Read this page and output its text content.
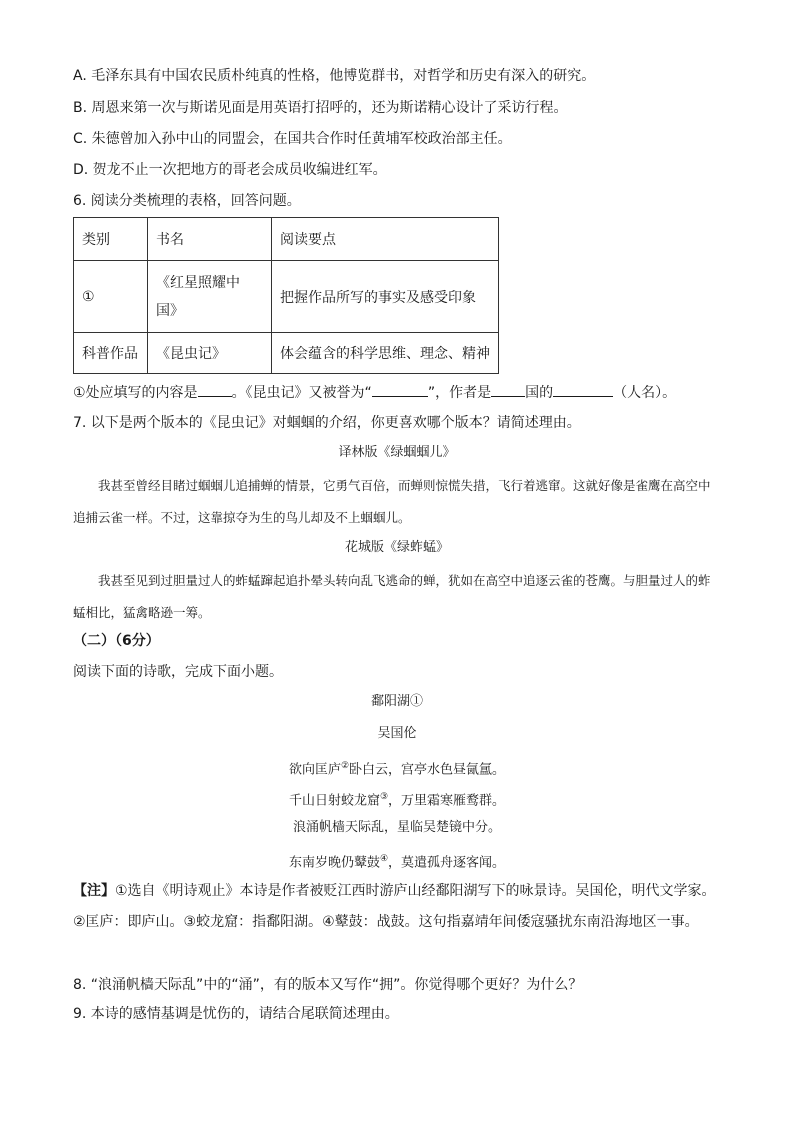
A. 毛泽东具有中国农民质朴纯真的性格，他博览群书，对哲学和历史有深入的研究。
B. 周恩来第一次与斯诺见面是用英语打招呼的，还为斯诺精心设计了采访行程。
C. 朱德曾加入孙中山的同盟会，在国共合作时任黄埔军校政治部主任。
D. 贺龙不止一次把地方的哥老会成员收编进红军。
6. 阅读分类梳理的表格，回答问题。
类别	书名	阅读要点
①	《红星照耀中国》	把握作品所写的事实及感受印象
科普作品	《昆虫记》	体会蕴含的科学思维、理念、精神
①处应填写的内容是 。《昆虫记》又被誉为“	”，作者是 国的	（人名）。
7. 以下是两个版本的《昆虫记》对蝈蝈的介绍，你更喜欢哪个版本？请简述理由。
译林版《绿蝈蝈儿》
我甚至曾经目睹过蝈蝈儿追捕蝉的情景，它勇气百倍，而蝉则惊慌失措，飞行着逃窜。这就好像是雀鹰在高空中追捕云雀一样。不过，这靠掠夺为生的鸟儿却及不上蝈蝈儿。
花城版《绿蚱蜢》
我甚至见到过胆量过人的蚱蜢蹿起追扑晕头转向乱飞逃命的蝉，犹如在高空中追逐云雀的苍鹰。与胆量过人的蚱蜢相比，猛禽略逊一筹。
（二）（6分）
阅读下面的诗歌，完成下面小题。
鄱阳湖①
吴国伦
欲向匡庐②卧白云，宫亭水色昼氤氲。
千山日射蛟龙窟③，万里霜寒雁鹜群。
浪涌帆樯天际乱，星临吴楚镜中分。
东南岁晚仍鼙鼓④，莫遣孤舟逐客闻。
【注】①选自《明诗观止》本诗是作者被贬江西时游庐山经鄱阳湖写下的咏景诗。吴国伦，明代文学家。②匡庐：即庐山。③蛟龙窟：指鄱阳湖。④鼙鼓：战鼓。这句指嘉靖年间倭寇骚扰东南沿海地区一事。
8. “浪涌帆樯天际乱”中的“涌”，有的版本又写作“拥”。你觉得哪个更好？为什么？
9. 本诗的感情基调是忧伤的，请结合尾联简述理由。
